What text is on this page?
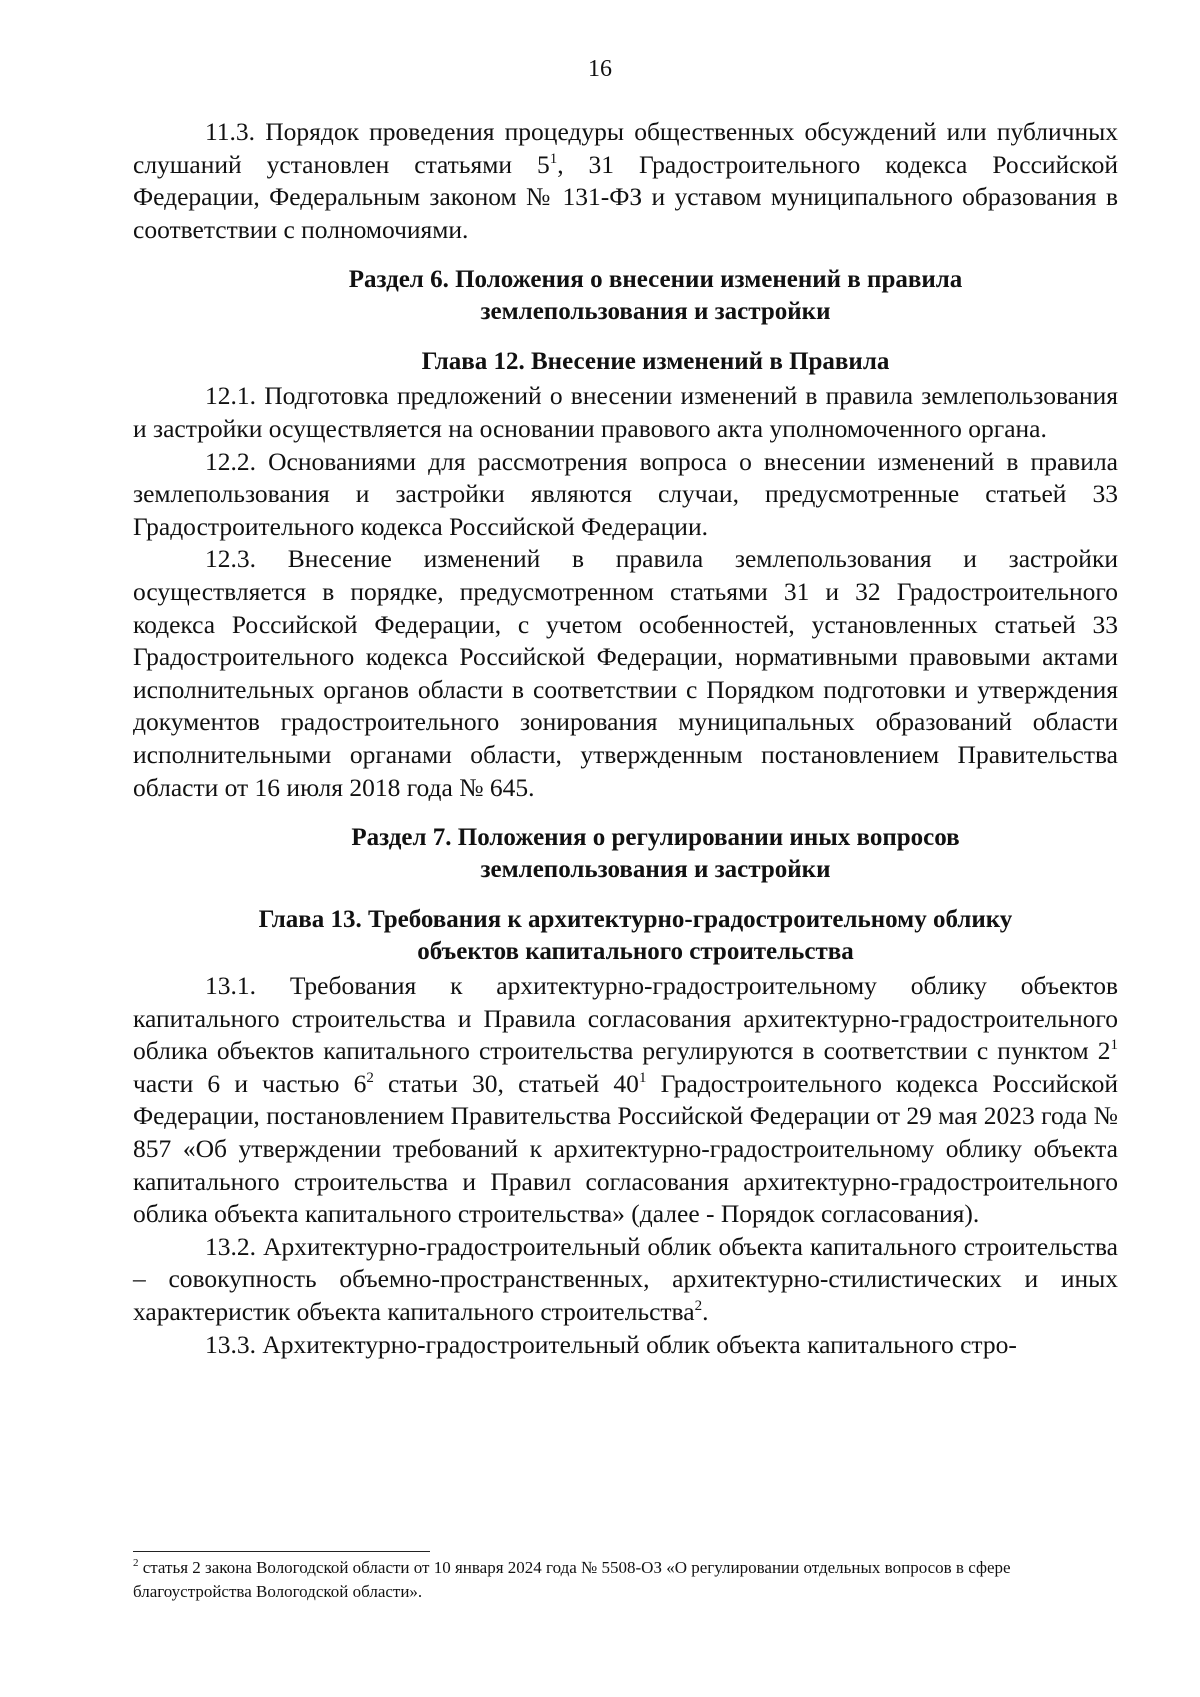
16

11.3. Порядок проведения процедуры общественных обсуждений или публичных слушаний установлен статьями $5^1$, 31 Градостроительного кодекса Российской Федерации, Федеральным законом № 131-ФЗ и уставом муниципального образования в соответствии с полномочиями.

Раздел 6. Положения о внесении изменений в правила
землепользования и застройки
Глава 12. Внесение изменений в Правила

12.1. Подготовка предложений о внесении изменений в правила землепользования и застройки осуществляется на основании правового акта уполномоченного органа.

12.2. Основаниями для рассмотрения вопроса о внесении изменений в правила землепользования и застройки являются случаи, предусмотренные статьей 33 Градостроительного кодекса Российской Федерации.

12.3. Внесение изменений в правила землепользования и застройки осуществляется в порядке, предусмотренном статьями 31 и 32 Градостроительного кодекса Российской Федерации, с учетом особенностей, установленных статьей 33 Градостроительного кодекса Российской Федерации, нормативными правовыми актами исполнительных органов области в соответствии с Порядком подготовки и утверждения документов градостроительного зонирования муниципальных образований области исполнительными органами области, утвержденным постановлением Правительства области от 16 июля 2018 года № 645.

Раздел 7. Положения о регулировании иных вопросов
землепользования и застройки
Глава 13. Требования к архитектурно-градостроительному облику
объектов капитального строительства

13.1. Требования к архитектурно-градостроительному облику объектов капитального строительства и Правила согласования архитектурно-градостроительного облика объектов капитального строительства регулируются в соответствии с пунктом $2^1$ части 6 и частью $6^2$ статьи 30, статьей $40^1$ Градостроительного кодекса Российской Федерации, постановлением Правительства Российской Федерации от 29 мая 2023 года № 857 «Об утверждении требований к архитектурно-градостроительному облику объекта капитального строительства и Правил согласования архитектурно-градостроительного облика объекта капитального строительства» (далее - Порядок согласования).

13.2. Архитектурно-градостроительный облик объекта капитального строительства – совокупность объемно-пространственных, архитектурно-стилистических и иных характеристик объекта капитального строительства$^2$.

13.3. Архитектурно-градостроительный облик объекта капитального стро-

$^2$ статья 2 закона Вологодской области от 10 января 2024 года № 5508-ОЗ «О регулировании отдельных вопросов в сфере благоустройства Вологодской области».
